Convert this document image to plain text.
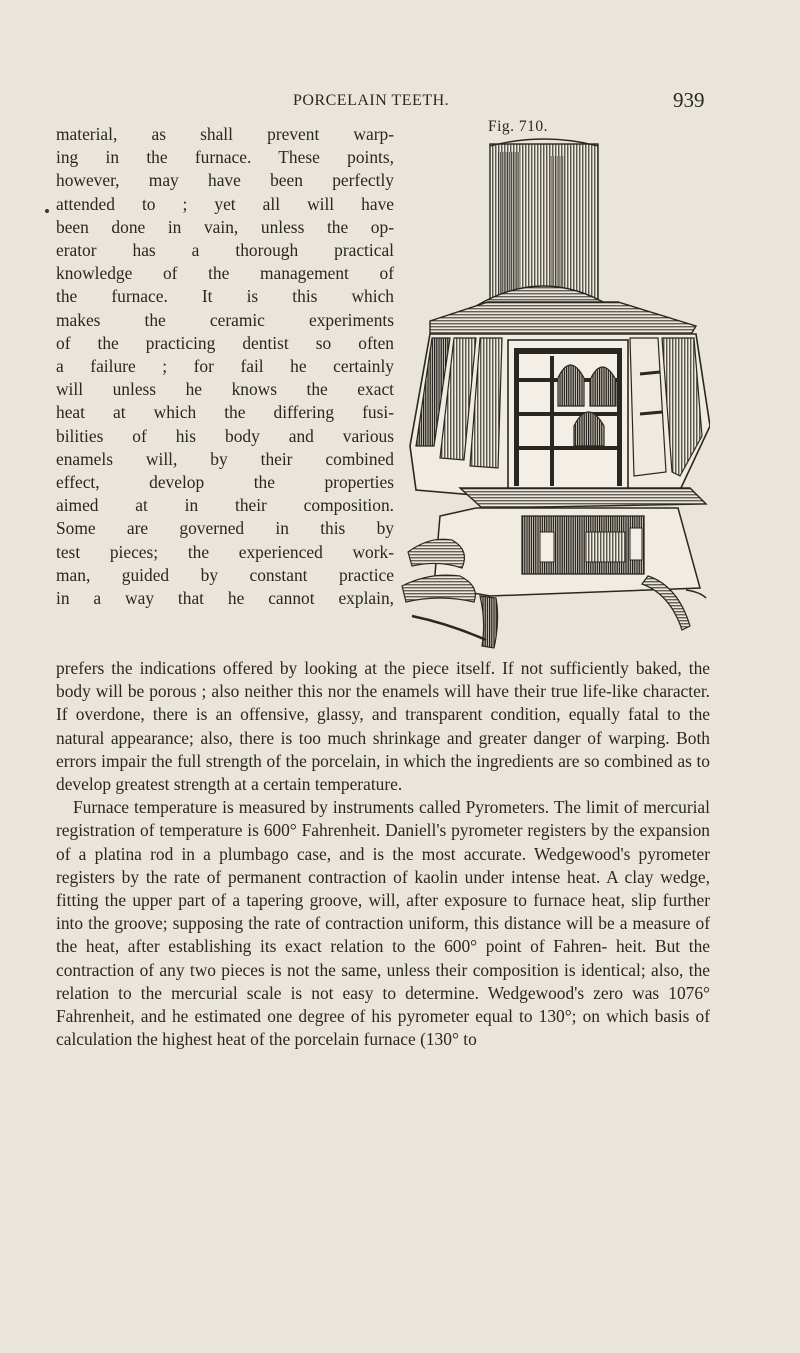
PORCELAIN TEETH.	939

material, as shall prevent warp-
ing in the furnace. These points,
however, may have been perfectly
attended to ; yet all will have
been done in vain, unless the op-
erator has a thorough practical
knowledge of the management of
the furnace. It is this which
makes the ceramic experiments
of the practicing dentist so often
a failure ; for fail he certainly
will unless he knows the exact
heat at which the differing fusi-
bilities of his body and various
enamels will, by their combined
effect, develop the properties
aimed at in their composition.
Some are governed in this by
test pieces; the experienced work-
man, guided by constant practice
in a way that he cannot explain,

Fig. 710.

prefers the indications offered by looking at the piece itself. If not sufficiently baked, the body will be porous ; also neither this nor the enamels will have their true life-like character. If overdone, there is an offensive, glassy, and transparent condition, equally fatal to the natural appearance; also, there is too much shrinkage and greater danger of warping. Both errors impair the full strength of the porcelain, in which the ingredients are so combined as to develop greatest strength at a certain temperature.

Furnace temperature is measured by instruments called Pyrometers. The limit of mercurial registration of temperature is 600° Fahrenheit. Daniell's pyrometer registers by the expansion of a platina rod in a plumbago case, and is the most accurate. Wedgewood's pyrometer registers by the rate of permanent contraction of kaolin under intense heat. A clay wedge, fitting the upper part of a tapering groove, will, after exposure to furnace heat, slip further into the groove; supposing the rate of contraction uniform, this distance will be a measure of the heat, after establishing its exact relation to the 600° point of Fahren- heit. But the contraction of any two pieces is not the same, unless their composition is identical; also, the relation to the mercurial scale is not easy to determine. Wedgewood's zero was 1076° Fahrenheit, and he estimated one degree of his pyrometer equal to 130°; on which basis of calculation the highest heat of the porcelain furnace (130° to
